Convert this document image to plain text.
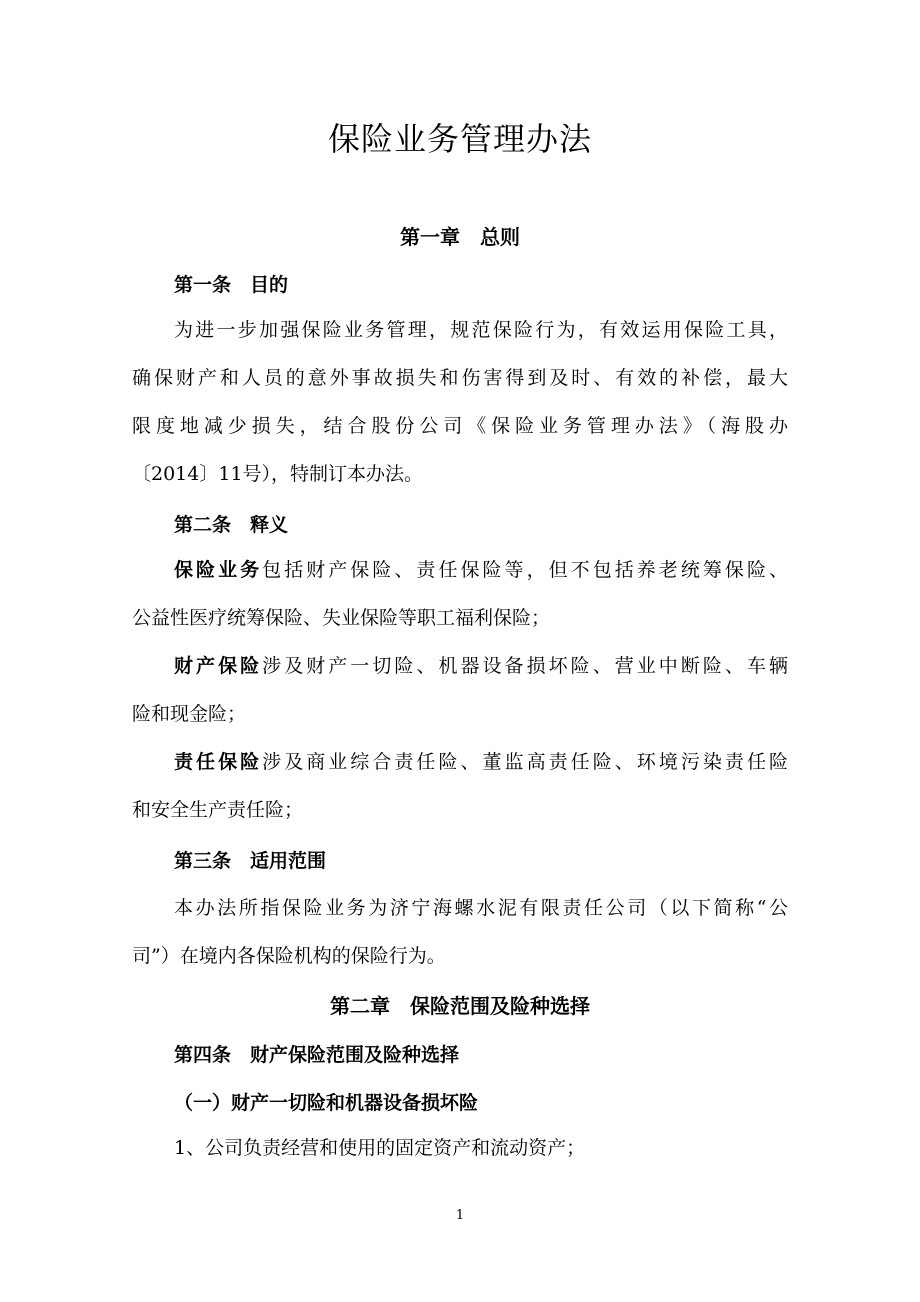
保险业务管理办法
第一章　总则
第一条　目的
为进一步加强保险业务管理，规范保险行为，有效运用保险工具，
确保财产和人员的意外事故损失和伤害得到及时、有效的补偿，最大
限度地减少损失，结合股份公司《保险业务管理办法》（海股办
〔2014〕11号），特制订本办法。
第二条　释义
保险业务包括财产保险、责任保险等，但不包括养老统筹保险、
公益性医疗统筹保险、失业保险等职工福利保险；
财产保险涉及财产一切险、机器设备损坏险、营业中断险、车辆
险和现金险；
责任保险涉及商业综合责任险、董监高责任险、环境污染责任险
和安全生产责任险；
第三条　适用范围
本办法所指保险业务为济宁海螺水泥有限责任公司（以下简称“公
司”）在境内各保险机构的保险行为。
第二章　保险范围及险种选择
第四条　财产保险范围及险种选择
（一）财产一切险和机器设备损坏险
1、公司负责经营和使用的固定资产和流动资产；
1
